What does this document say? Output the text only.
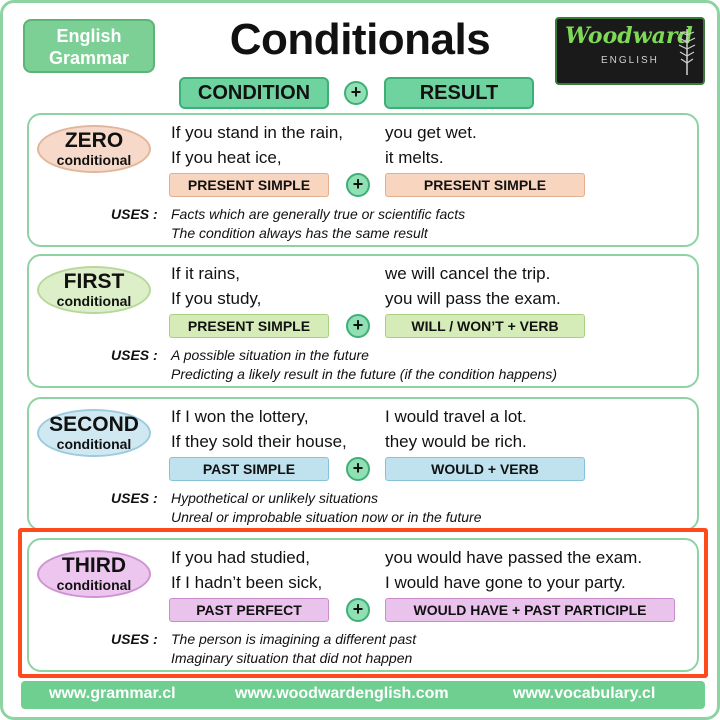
English
Grammar	Conditionals	Woodward
ENGLISH
CONDITION	+	RESULT
ZERO
conditional
If you stand in the rain, you get wet.
If you heat ice,	it melts.
PRESENT SIMPLE	+	PRESENT SIMPLE
USES : Facts which are generally true or scientific facts
The condition always has the same result
FIRST
conditional
If it rains,	we will cancel the trip.
If you study,	you will pass the exam.
PRESENT SIMPLE	+	WILL / WON’T + VERB
USES : A possible situation in the future
Predicting a likely result in the future (if the condition happens)
SECOND
conditional
If I won the lottery,	I would travel a lot.
If they sold their house, they would be rich.
PAST SIMPLE	+	WOULD + VERB
USES : Hypothetical or unlikely situations
Unreal or improbable situation now or in the future
THIRD
conditional
If you had studied,	you would have passed the exam.
If I hadn’t been sick,	I would have gone to your party.
PAST PERFECT	+	WOULD HAVE + PAST PARTICIPLE
USES : The person is imagining a different past
Imaginary situation that did not happen
www.grammar.cl	www.woodwardenglish.com	www.vocabulary.cl
